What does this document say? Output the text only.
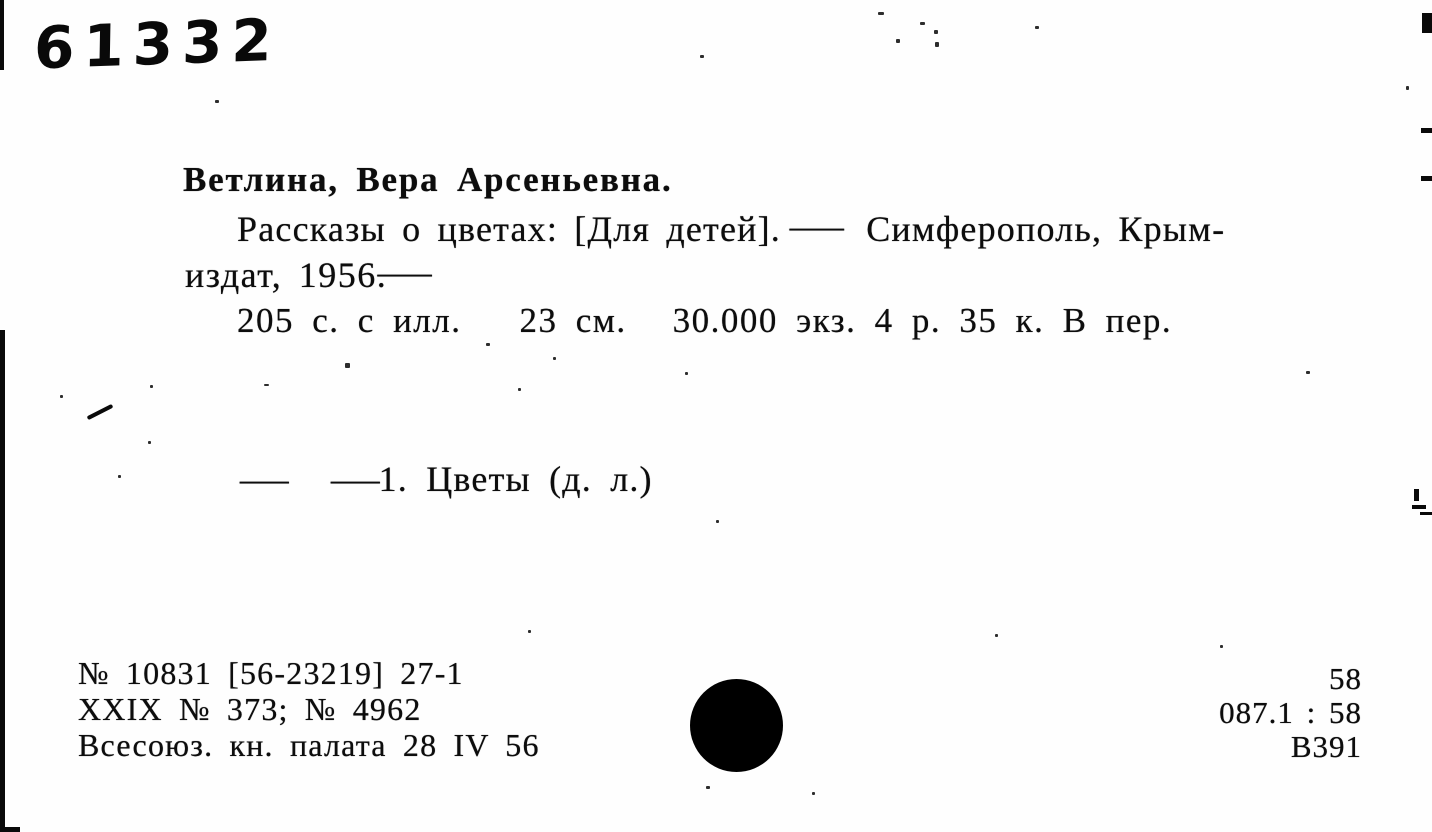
61332
Ветлина, Вера Арсеньевна.
Рассказы о цветах: [Для детей]. — Симферополь, Крым-
издат, 1956.—
205 с. с илл. 23 см. 30.000 экз. 4 р. 35 к. В пер.
— —1. Цветы (д. л.)
№ 10831 [56-23219] 27-1
XXIX № 373; № 4962
Всесоюз. кн. палата 28 IV 56
58
087.1 : 58
В391
